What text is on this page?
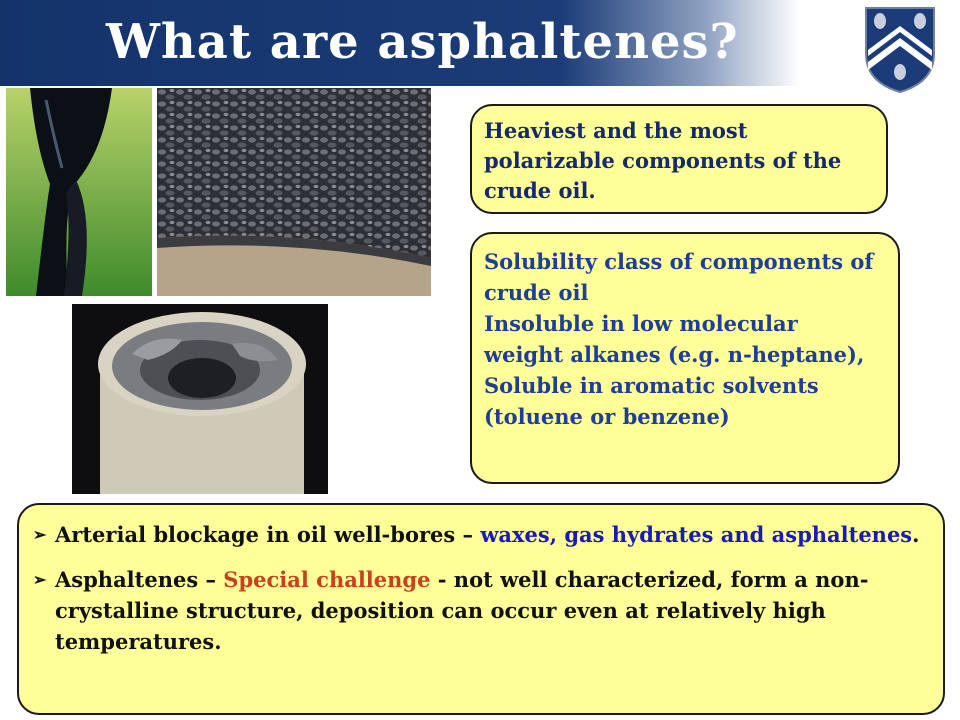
What are asphaltenes?
Heaviest and the most polarizable components of the crude oil.
Solubility class of components of crude oil
Insoluble in low molecular weight alkanes (e.g. n-heptane), Soluble in aromatic solvents (toluene or benzene)
➢ Arterial blockage in oil well-bores – waxes, gas hydrates and asphaltenes.
➢ Asphaltenes – Special challenge - not well characterized, form a non-crystalline structure, deposition can occur even at relatively high temperatures.
